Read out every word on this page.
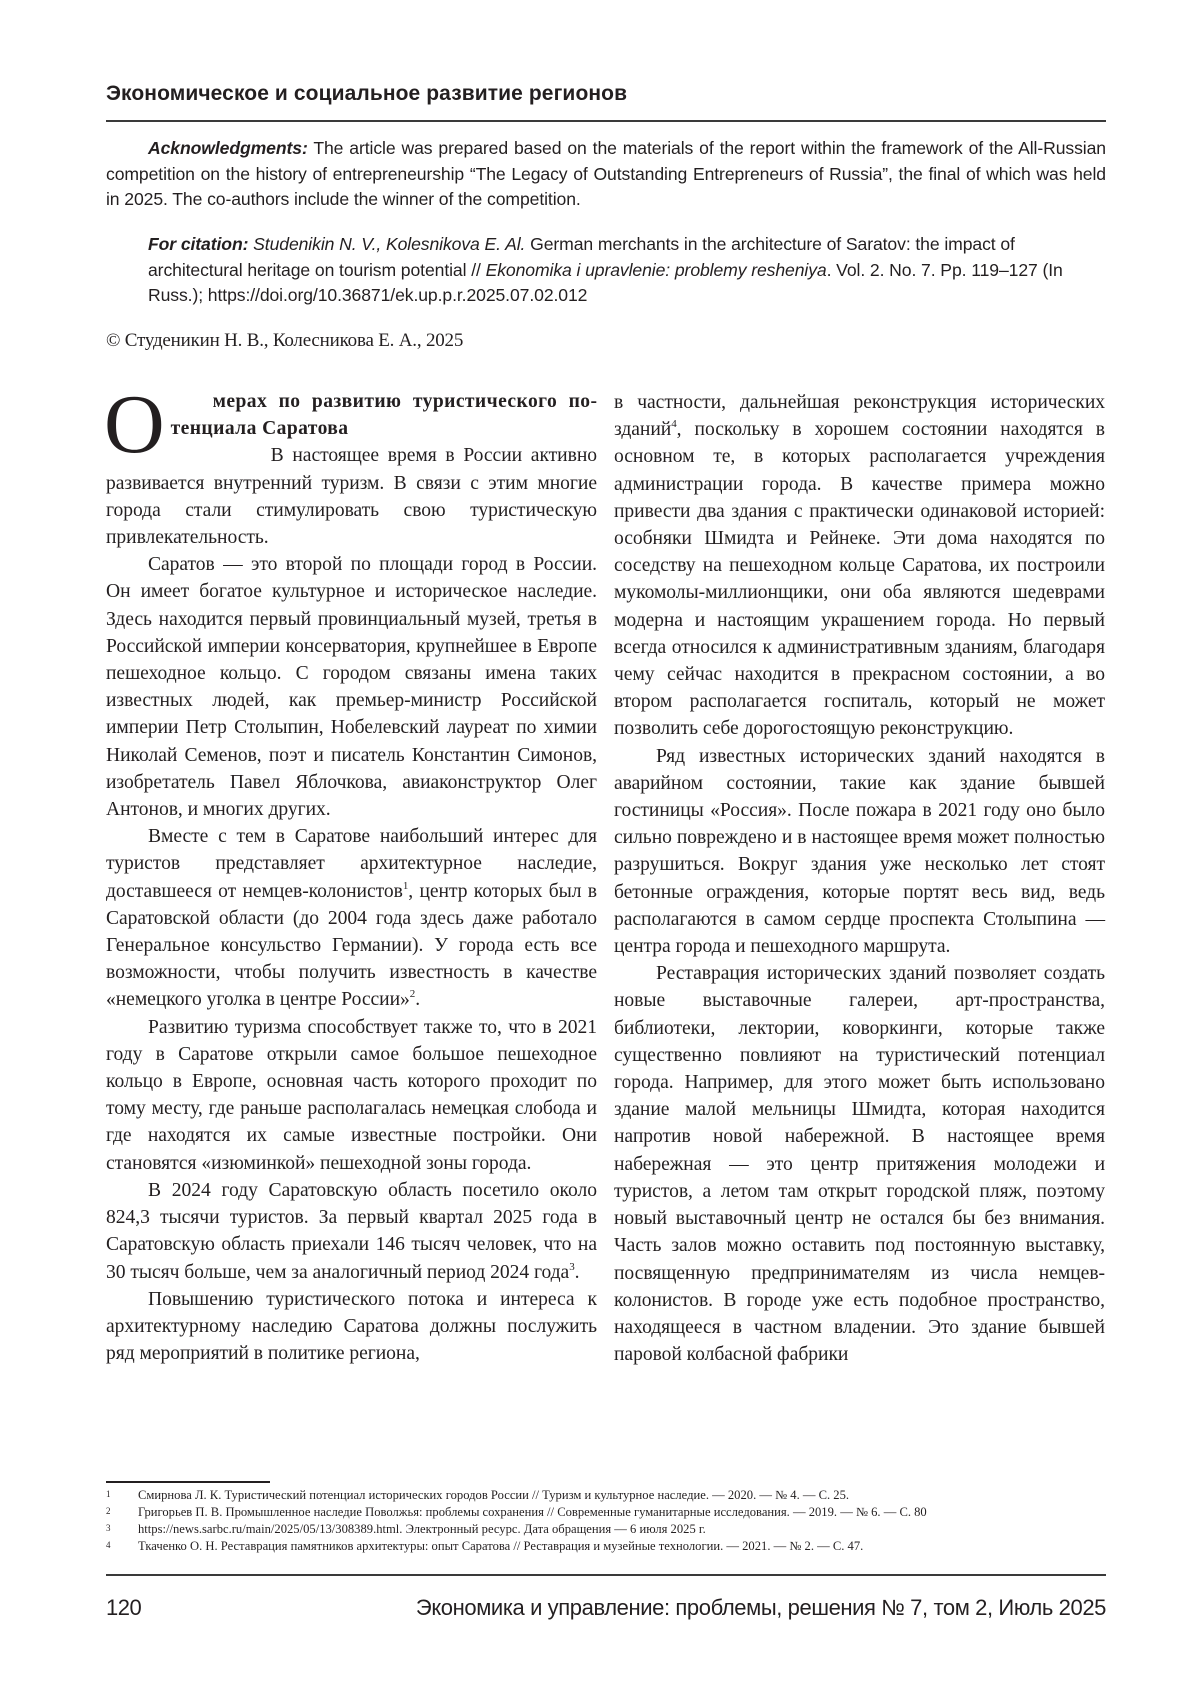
Экономическое и социальное развитие регионов

Acknowledgments: The article was prepared based on the materials of the report within the framework of the All-Russian competition on the history of entrepreneurship “The Legacy of Outstanding Entrepreneurs of Russia”, the final of which was held in 2025. The co-authors include the winner of the competition.

For citation: Studenikin N. V., Kolesnikova E. Al. German merchants in the architecture of Saratov: the impact of architectural heritage on tourism potential // Ekonomika i upravlenie: problemy resheniya. Vol. 2. No. 7. Pp. 119–127 (In Russ.); https://doi.org/10.36871/ek.up.p.r.2025.07.02.012

© Студеникин Н. В., Колесникова Е. А., 2025
О	мерах по развитию туристического потенциала Саратова

В настоящее время в России активно развивается внутренний туризм. В связи с этим многие города стали стимулировать свою туристическую привлекательность.

Саратов — это второй по площади город в России. Он имеет богатое культурное и историческое наследие. Здесь находится первый провинциальный музей, третья в Российской империи консерватория, крупнейшее в Европе пешеходное кольцо. С городом связаны имена таких известных людей, как премьер-министр Российской империи Петр Столыпин, Нобелевский лауреат по химии Николай Семенов, поэт и писатель Константин Симонов, изобретатель Павел Яблочкова, авиаконструктор Олег Антонов, и многих других.

Вместе с тем в Саратове наибольший интерес для туристов представляет архитектурное наследие, доставшееся от немцев-колонистов$^1$, центр которых был в Саратовской области (до 2004 года здесь даже работало Генеральное консульство Германии). У города есть все возможности, чтобы получить известность в качестве «немецкого уголка в центре России»$^2$.

Развитию туризма способствует также то, что в 2021 году в Саратове открыли самое большое пешеходное кольцо в Европе, основная часть которого проходит по тому месту, где раньше располагалась немецкая слобода и где находятся их самые известные постройки. Они становятся «изюминкой» пешеходной зоны города.

В 2024 году Саратовскую область посетило около 824,3 тысячи туристов. За первый квартал 2025 года в Саратовскую область приехали 146 тысяч человек, что на 30 тысяч больше, чем за аналогичный период 2024 года$^3$.

Повышению туристического потока и интереса к архитектурному наследию Саратова должны послужить ряд мероприятий в политике региона,

в частности, дальнейшая реконструкция исторических зданий$^4$, поскольку в хорошем состоянии находятся в основном те, в которых располагается учреждения администрации города. В качестве примера можно привести два здания с практически одинаковой историей: особняки Шмидта и Рейнеке. Эти дома находятся по соседству на пешеходном кольце Саратова, их построили мукомолы-миллионщики, они оба являются шедеврами модерна и настоящим украшением города. Но первый всегда относился к административным зданиям, благодаря чему сейчас находится в прекрасном состоянии, а во втором располагается госпиталь, который не может позволить себе дорогостоящую реконструкцию.

Ряд известных исторических зданий находятся в аварийном состоянии, такие как здание бывшей гостиницы «Россия». После пожара в 2021 году оно было сильно повреждено и в настоящее время может полностью разрушиться. Вокруг здания уже несколько лет стоят бетонные ограждения, которые портят весь вид, ведь располагаются в самом сердце проспекта Столыпина — центра города и пешеходного маршрута.

Реставрация исторических зданий позволяет создать новые выставочные галереи, арт-пространства, библиотеки, лектории, коворкинги, которые также существенно повлияют на туристический потенциал города. Например, для этого может быть использовано здание малой мельницы Шмидта, которая находится напротив новой набережной. В настоящее время набережная — это центр притяжения молодежи и туристов, а летом там открыт городской пляж, поэтому новый выставочный центр не остался бы без внимания. Часть залов можно оставить под постоянную выставку, посвященную предпринимателям из числа немцев-колонистов. В городе уже есть подобное пространство, находящееся в частном владении. Это здание бывшей паровой колбасной фабрики

1	Смирнова Л. К. Туристический потенциал исторических городов России // Туризм и культурное наследие. — 2020. — № 4. — С. 25.
2	Григорьев П. В. Промышленное наследие Поволжья: проблемы сохранения // Современные гуманитарные исследования. — 2019. — № 6. — С. 80
3	https://news.sarbc.ru/main/2025/05/13/308389.html. Электронный ресурс. Дата обращения — 6 июля 2025 г.
4	Ткаченко О. Н. Реставрация памятников архитектуры: опыт Саратова // Реставрация и музейные технологии. — 2021. — № 2. — С. 47.
120	Экономика и управление: проблемы, решения № 7, том 2, Июль 2025
